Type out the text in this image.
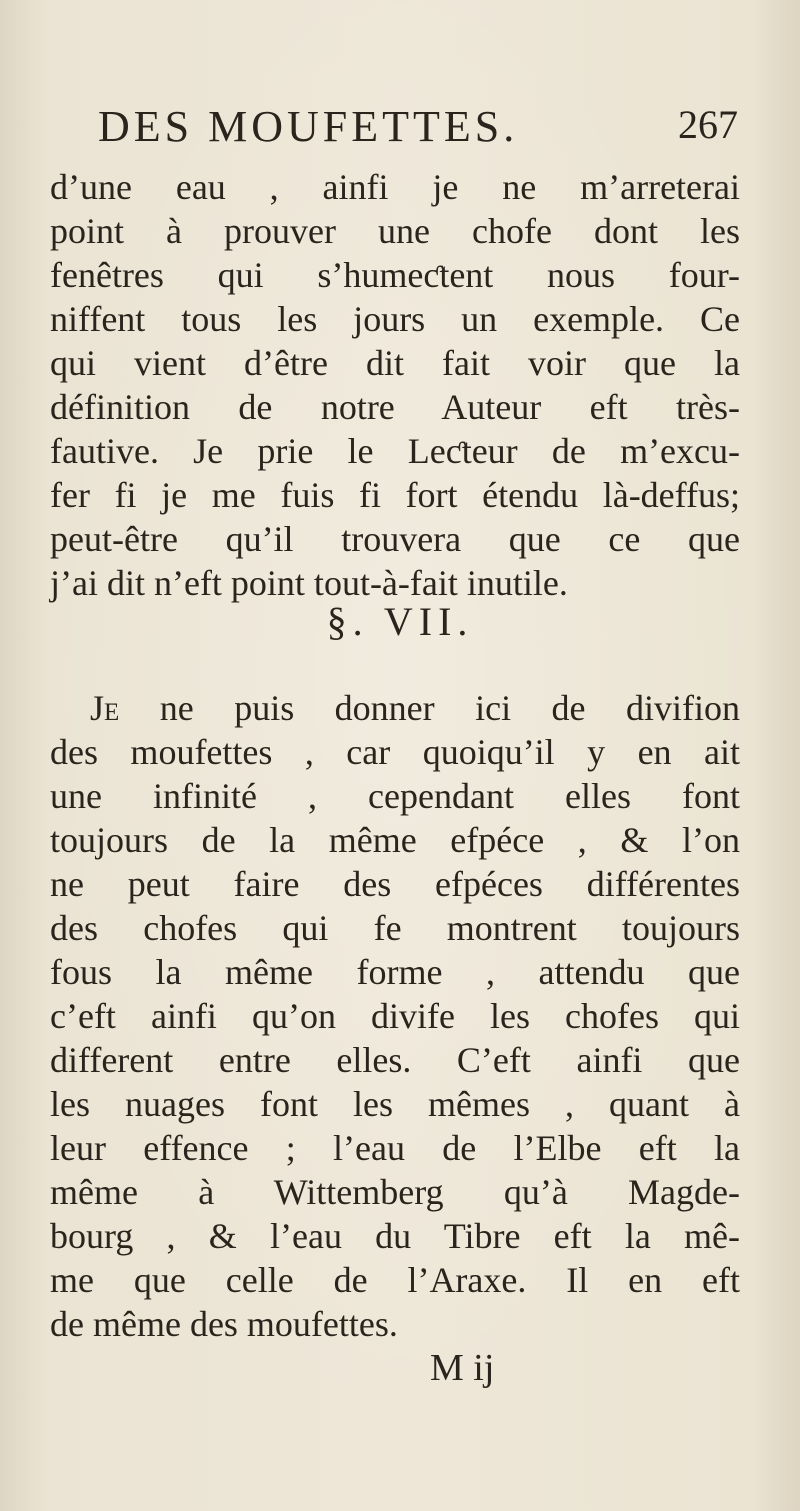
DES MOUFETTES.	267
d’une eau , ainfi je ne m’arreterai
point à prouver une chofe dont les
fenêtres qui s’humeƈtent nous four-
niffent tous les jours un exemple. Ce
qui vient d’être dit fait voir que la
définition de notre Auteur eft très-
fautive. Je prie le Leƈteur de m’excu-
fer fi je me fuis fi fort étendu là-deffus;
peut-être qu’il trouvera que ce que
j’ai dit n’eft point tout-à-fait inutile.
§. VII.
Je ne puis donner ici de divifion
des moufettes , car quoiqu’il y en ait
une infinité , cependant elles font
toujours de la même efpéce , & l’on
ne peut faire des efpéces différentes
des chofes qui fe montrent toujours
fous la même forme , attendu que
c’eft ainfi qu’on divife les chofes qui
different entre elles. C’eft ainfi que
les nuages font les mêmes , quant à
leur effence ; l’eau de l’Elbe eft la
même à Wittemberg qu’à Magde-
bourg , & l’eau du Tibre eft la mê-
me que celle de l’Araxe. Il en eft
de même des moufettes.
M ij
